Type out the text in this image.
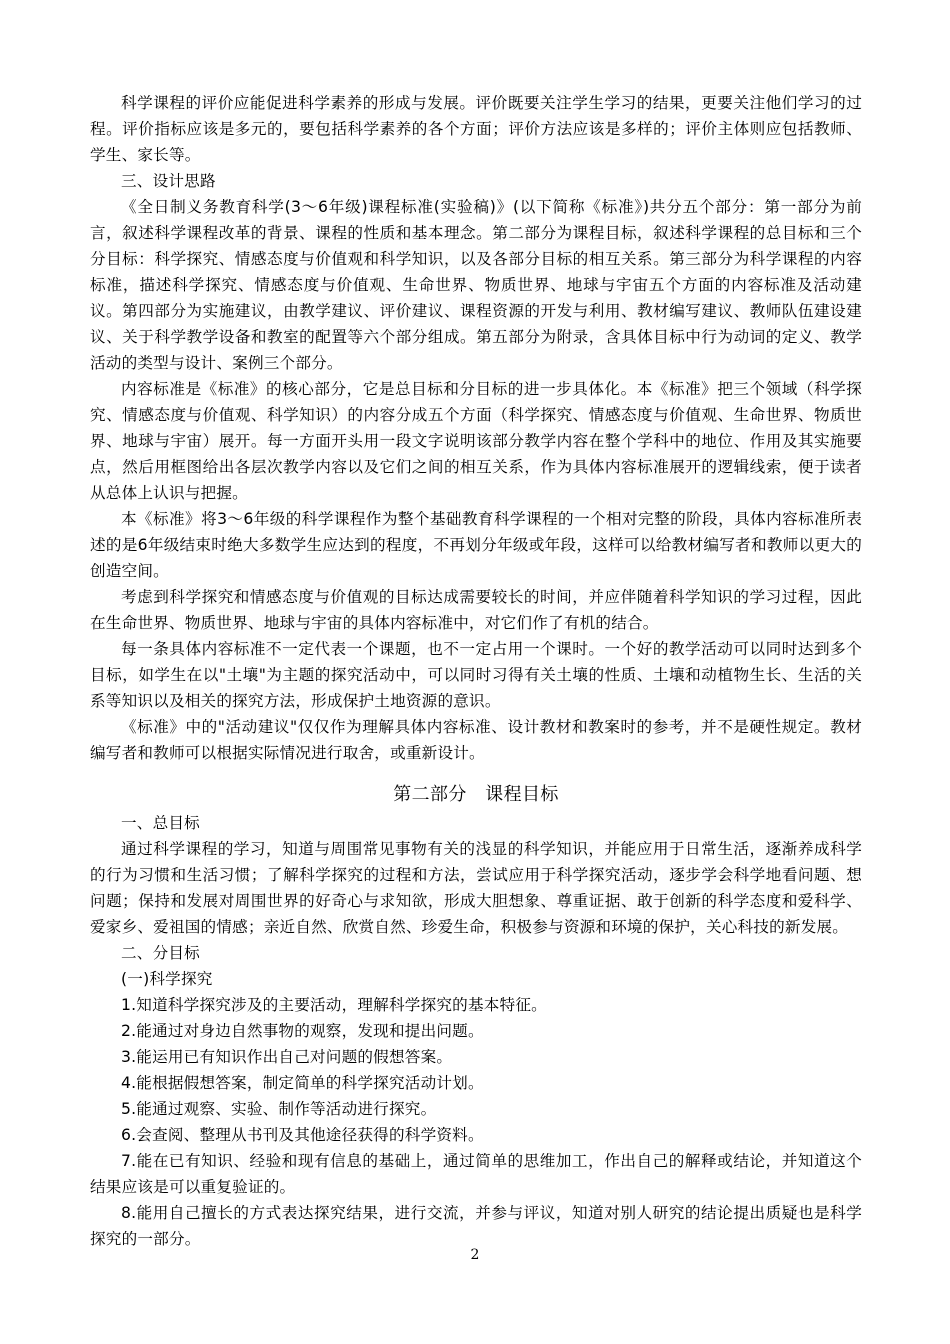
科学课程的评价应能促进科学素养的形成与发展。评价既要关注学生学习的结果，更要关注他们学习的过程。评价指标应该是多元的，要包括科学素养的各个方面；评价方法应该是多样的；评价主体则应包括教师、学生、家长等。

三、设计思路

《全日制义务教育科学(3～6年级)课程标准(实验稿)》(以下简称《标准》)共分五个部分：第一部分为前言，叙述科学课程改革的背景、课程的性质和基本理念。第二部分为课程目标，叙述科学课程的总目标和三个分目标：科学探究、情感态度与价值观和科学知识，以及各部分目标的相互关系。第三部分为科学课程的内容标准，描述科学探究、情感态度与价值观、生命世界、物质世界、地球与宇宙五个方面的内容标准及活动建议。第四部分为实施建议，由教学建议、评价建议、课程资源的开发与利用、教材编写建议、教师队伍建设建议、关于科学教学设备和教室的配置等六个部分组成。第五部分为附录，含具体目标中行为动词的定义、教学活动的类型与设计、案例三个部分。

内容标准是《标准》的核心部分，它是总目标和分目标的进一步具体化。本《标准》把三个领域（科学探究、情感态度与价值观、科学知识）的内容分成五个方面（科学探究、情感态度与价值观、生命世界、物质世界、地球与宇宙）展开。每一方面开头用一段文字说明该部分教学内容在整个学科中的地位、作用及其实施要点，然后用框图给出各层次教学内容以及它们之间的相互关系，作为具体内容标准展开的逻辑线索，便于读者从总体上认识与把握。

本《标准》将3～6年级的科学课程作为整个基础教育科学课程的一个相对完整的阶段，具体内容标准所表述的是6年级结束时绝大多数学生应达到的程度，不再划分年级或年段，这样可以给教材编写者和教师以更大的创造空间。

考虑到科学探究和情感态度与价值观的目标达成需要较长的时间，并应伴随着科学知识的学习过程，因此在生命世界、物质世界、地球与宇宙的具体内容标准中，对它们作了有机的结合。

每一条具体内容标准不一定代表一个课题，也不一定占用一个课时。一个好的教学活动可以同时达到多个目标，如学生在以"土壤"为主题的探究活动中，可以同时习得有关土壤的性质、土壤和动植物生长、生活的关系等知识以及相关的探究方法，形成保护土地资源的意识。

《标准》中的"活动建议"仅仅作为理解具体内容标准、设计教材和教案时的参考，并不是硬性规定。教材编写者和教师可以根据实际情况进行取舍，或重新设计。

第二部分　课程目标

一、总目标

通过科学课程的学习，知道与周围常见事物有关的浅显的科学知识，并能应用于日常生活，逐渐养成科学的行为习惯和生活习惯；了解科学探究的过程和方法，尝试应用于科学探究活动，逐步学会科学地看问题、想问题；保持和发展对周围世界的好奇心与求知欲，形成大胆想象、尊重证据、敢于创新的科学态度和爱科学、爱家乡、爱祖国的情感；亲近自然、欣赏自然、珍爱生命，积极参与资源和环境的保护，关心科技的新发展。

二、分目标

(一)科学探究

1.知道科学探究涉及的主要活动，理解科学探究的基本特征。

2.能通过对身边自然事物的观察，发现和提出问题。

3.能运用已有知识作出自己对问题的假想答案。

4.能根据假想答案，制定简单的科学探究活动计划。

5.能通过观察、实验、制作等活动进行探究。

6.会查阅、整理从书刊及其他途径获得的科学资料。

7.能在已有知识、经验和现有信息的基础上，通过简单的思维加工，作出自己的解释或结论，并知道这个结果应该是可以重复验证的。

8.能用自己擅长的方式表达探究结果，进行交流，并参与评议，知道对别人研究的结论提出质疑也是科学探究的一部分。

2
